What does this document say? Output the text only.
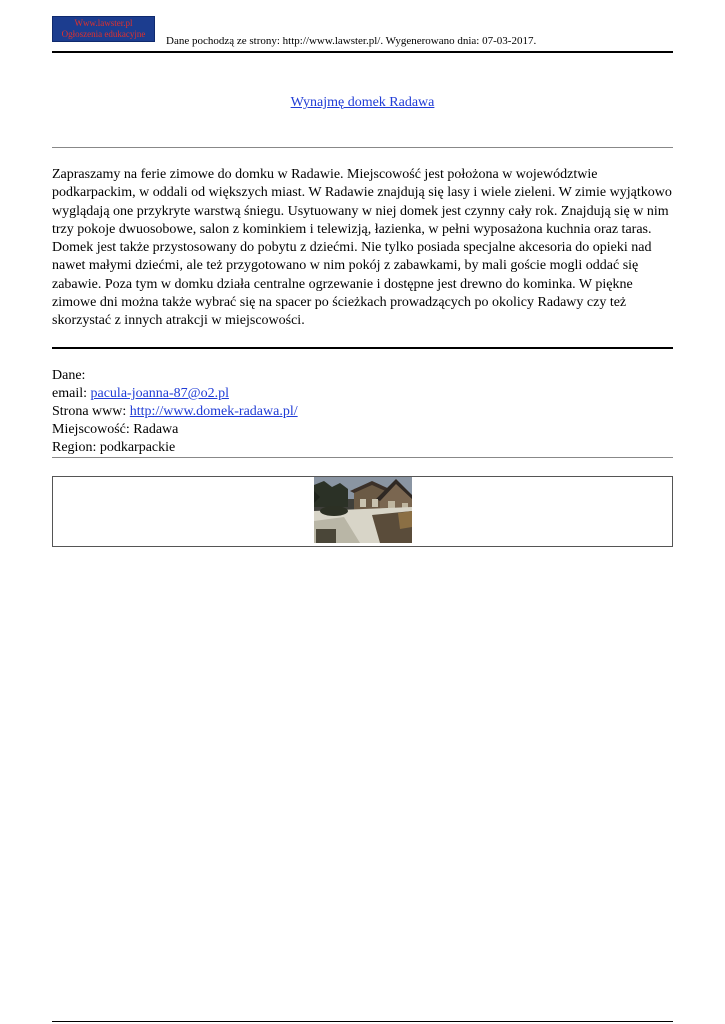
Www.lawster.pl
Ogłoszenia edukacyjne
Dane pochodzą ze strony: http://www.lawster.pl/. Wygenerowano dnia: 07-03-2017.
Wynajmę domek Radawa

Zapraszamy na ferie zimowe do domku w Radawie. Miejscowość jest położona w województwie podkarpackim, w oddali od większych miast. W Radawie znajdują się lasy i wiele zieleni. W zimie wyjątkowo wyglądają one przykryte warstwą śniegu. Usytuowany w niej domek jest czynny cały rok. Znajdują się w nim trzy pokoje dwuosobowe, salon z kominkiem i telewizją, łazienka, w pełni wyposażona kuchnia oraz taras. Domek jest także przystosowany do pobytu z dziećmi. Nie tylko posiada specjalne akcesoria do opieki nad nawet małymi dziećmi, ale też przygotowano w nim pokój z zabawkami, by mali goście mogli oddać się zabawie. Poza tym w domku działa centralne ogrzewanie i dostępne jest drewno do kominka. W piękne zimowe dni można także wybrać się na spacer po ścieżkach prowadzących po okolicy Radawy czy też skorzystać z innych atrakcji w miejscowości.

Dane:
email: pacula-joanna-87@o2.pl
Strona www: http://www.domek-radawa.pl/
Miejscowość: Radawa
Region: podkarpackie
